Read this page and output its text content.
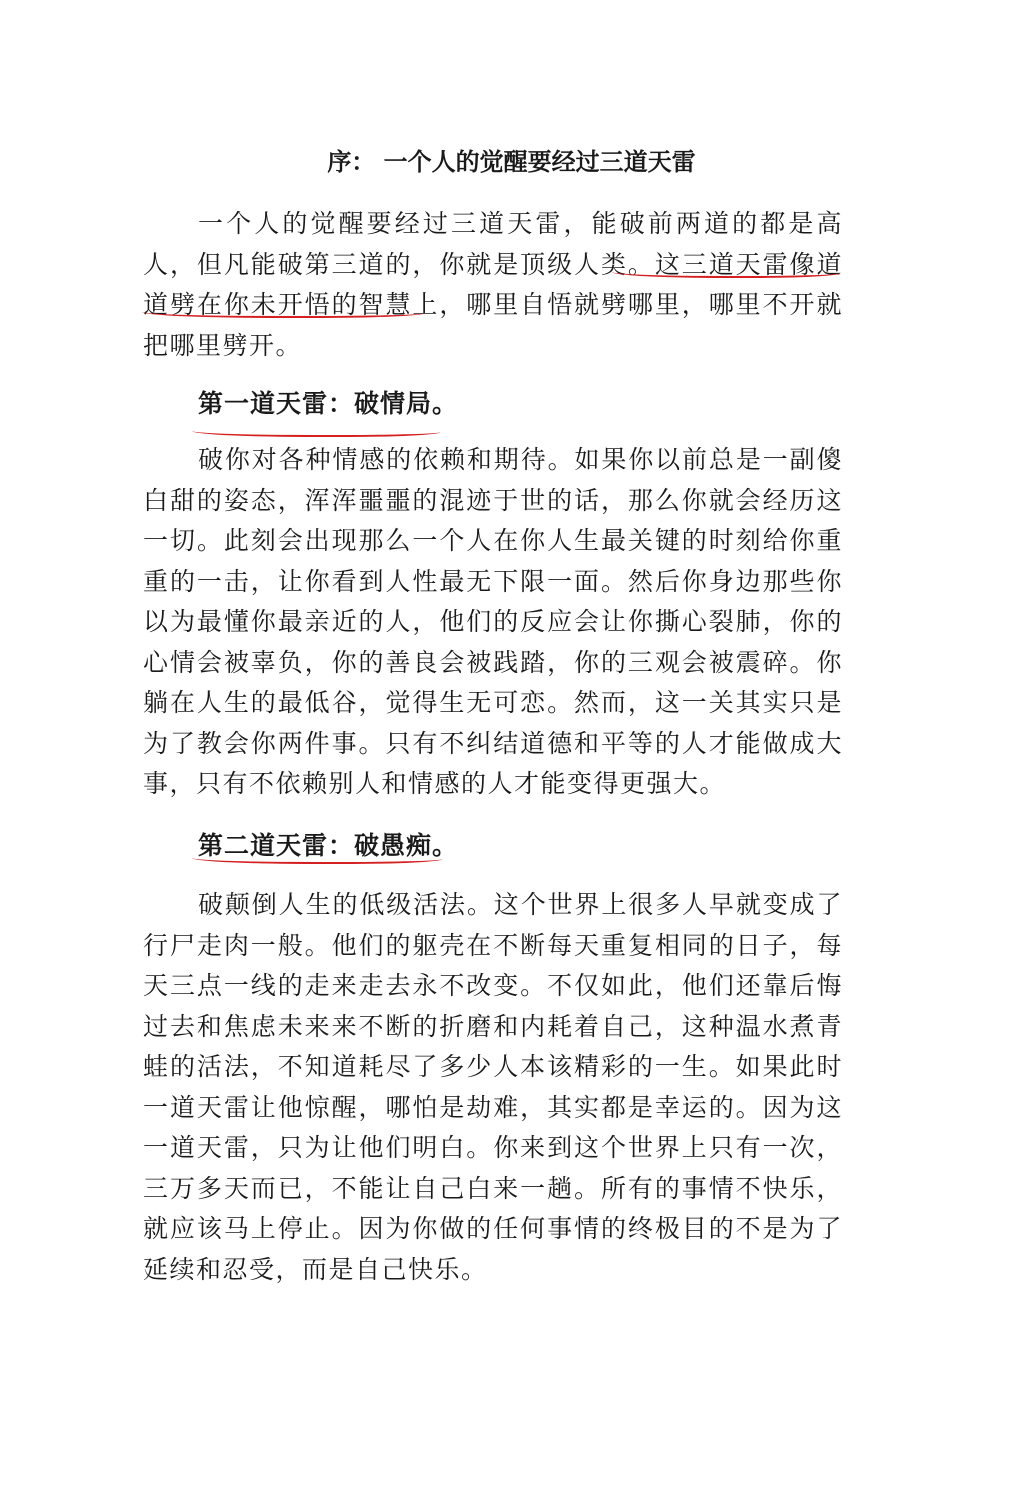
序： 一个人的觉醒要经过三道天雷

一个人的觉醒要经过三道天雷，能破前两道的都是高人，但凡能破第三道的，你就是顶级人类。这三道天雷像道道劈在你未开悟的智慧上，哪里自悟就劈哪里，哪里不开就把哪里劈开。

第一道天雷：破情局。

破你对各种情感的依赖和期待。如果你以前总是一副傻白甜的姿态，浑浑噩噩的混迹于世的话，那么你就会经历这一切。此刻会出现那么一个人在你人生最关键的时刻给你重重的一击，让你看到人性最无下限一面。然后你身边那些你以为最懂你最亲近的人，他们的反应会让你撕心裂肺，你的心情会被辜负，你的善良会被践踏，你的三观会被震碎。你躺在人生的最低谷，觉得生无可恋。然而，这一关其实只是为了教会你两件事。只有不纠结道德和平等的人才能做成大事，只有不依赖别人和情感的人才能变得更强大。

第二道天雷：破愚痴。

破颠倒人生的低级活法。这个世界上很多人早就变成了行尸走肉一般。他们的躯壳在不断每天重复相同的日子，每天三点一线的走来走去永不改变。不仅如此，他们还靠后悔过去和焦虑未来来不断的折磨和内耗着自己，这种温水煮青蛙的活法，不知道耗尽了多少人本该精彩的一生。如果此时一道天雷让他惊醒，哪怕是劫难，其实都是幸运的。因为这一道天雷，只为让他们明白。你来到这个世界上只有一次，三万多天而已，不能让自己白来一趟。所有的事情不快乐，就应该马上停止。因为你做的任何事情的终极目的不是为了延续和忍受，而是自己快乐。
